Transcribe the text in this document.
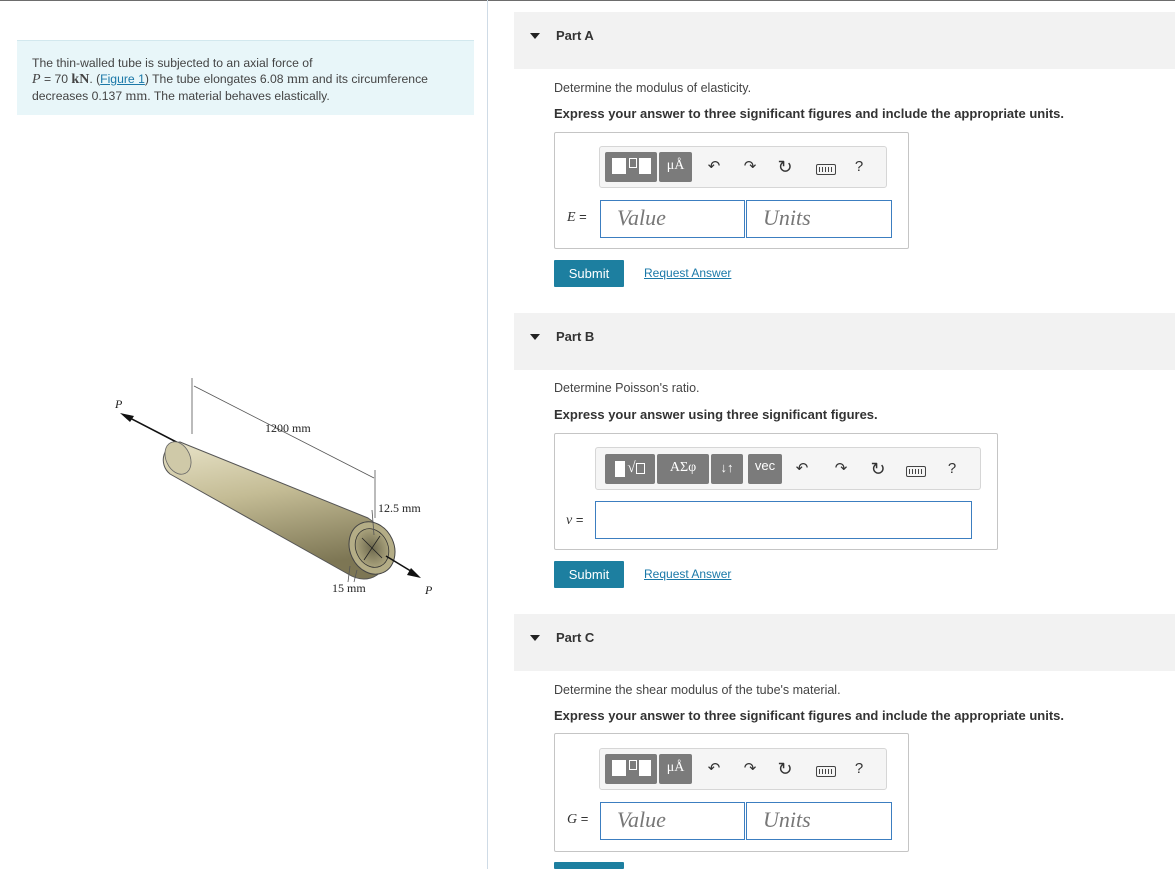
The thin-walled tube is subjected to an axial force of
P = 70 kN. (Figure 1) The tube elongates 6.08 mm and its circumference
decreases 0.137 mm. The material behaves elastically.
P
1200 mm
12.5 mm
15 mm	P
Part A
Determine the modulus of elasticity.
Express your answer to three significant figures and include the appropriate units.
μÅ	↶ ↷ ↻	?
E =	Value	Units
Submit	Request Answer
Part B
Determine Poisson's ratio.
Express your answer using three significant figures.
√	ΑΣφ	↓↑	vec	↶ ↷ ↻	?
ν =
Submit	Request Answer
Part C
Determine the shear modulus of the tube's material.
Express your answer to three significant figures and include the appropriate units.
μÅ	↶ ↷ ↻	?
G =	Value	Units
